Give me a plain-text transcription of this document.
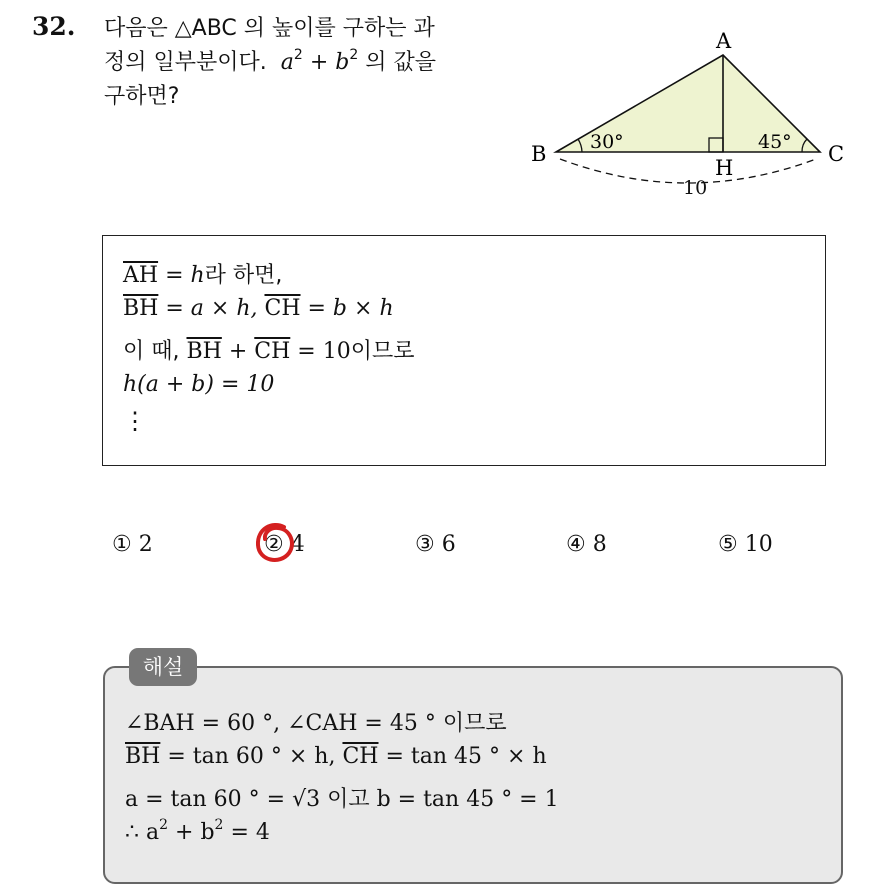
32. 다음은 △ABC 의 높이를 구하는 과
정의 일부분이다. $a^2 + b^2$ 의 값을
구하면?
A
B	C
H
30°	45°
10
$\overline{AH} = h$라 하면,
$\overline{BH} = a \times h$, $\overline{CH} = b \times h$
이 때, $\overline{BH} + \overline{CH} = 10$이므로
h(a + b) = 10
⋮
① 2	② 4	③ 6	④ 8	⑤ 10
∠BAH = 60 °, ∠CAH = 45 ° 이므로
$\overline{BH} = \tan 60$ ° × h, $\overline{CH} = \tan 45$ ° × h
a = tan 60 ° = √3 이고 b = tan 45 ° = 1
∴ $a^2 + b^2 = 4$
해설
